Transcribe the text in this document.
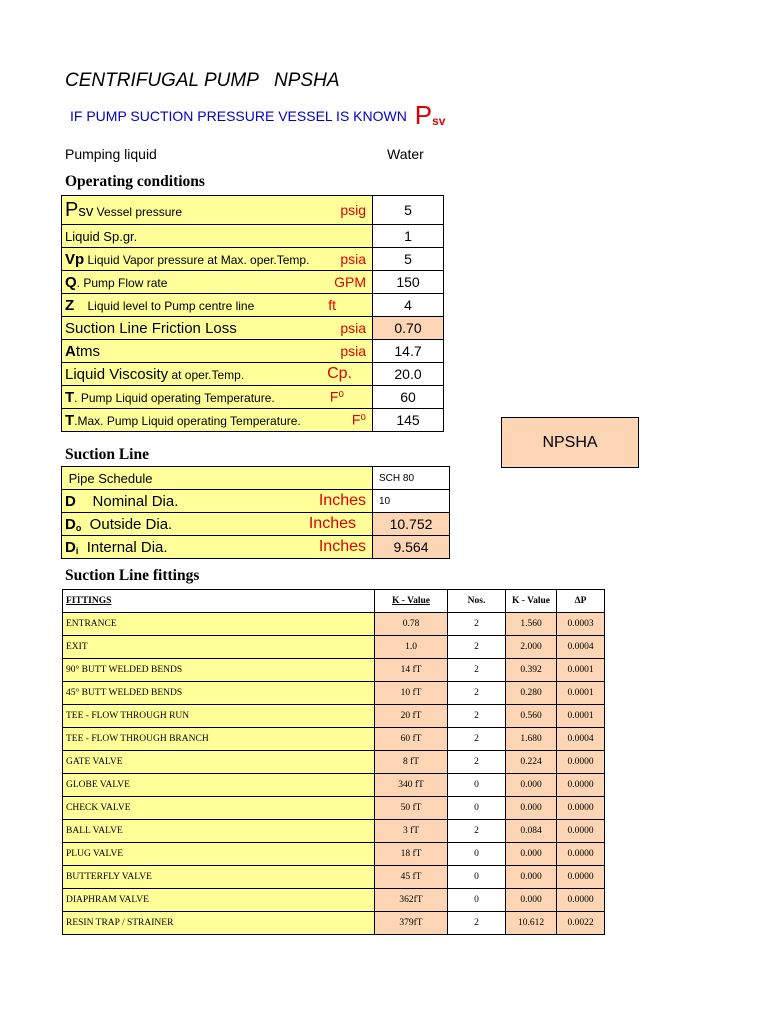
CENTRIFUGAL PUMP   NPSHA
IF PUMP SUCTION PRESSURE VESSEL IS KNOWN Psv
Pumping liquid	Water
Operating conditions
Psv Vessel pressure psig	5
Liquid Sp.gr.	1
Vp Liquid Vapor pressure at Max. oper.Temp. psia	5
Q. Pump Flow rate GPM	150
Z    Liquid level to Pump centre line ft	4
Suction Line Friction Loss psia	0.70
Atms psia	14.7
Liquid Viscosity at oper.Temp. Cp.	20.0
T. Pump Liquid operating Temperature. F⁰	60
T.Max. Pump Liquid operating Temperature. F⁰	145
NPSHA
Suction Line
Pipe Schedule	SCH 80
D    Nominal Dia. Inches	10
$D_o$  Outside Dia. Inches	10.752
$D_i$  Internal Dia. Inches	9.564
Suction Line fittings
FITTINGS	K - Value	Nos.	K - Value	ΔP
ENTRANCE	0.78	2	1.560	0.0003
EXIT	1.0	2	2.000	0.0004
90° BUTT WELDED BENDS	14 fT	2	0.392	0.0001
45° BUTT WELDED BENDS	10 fT	2	0.280	0.0001
TEE - FLOW THROUGH RUN	20 fT	2	0.560	0.0001
TEE - FLOW THROUGH BRANCH	60 fT	2	1.680	0.0004
GATE VALVE	8 fT	2	0.224	0.0000
GLOBE VALVE	340 fT	0	0.000	0.0000
CHECK VALVE	50 fT	0	0.000	0.0000
BALL VALVE	3 fT	2	0.084	0.0000
PLUG VALVE	18 fT	0	0.000	0.0000
BUTTERFLY VALVE	45 fT	0	0.000	0.0000
DIAPHRAM VALVE	362fT	0	0.000	0.0000
RESIN TRAP / STRAINER	379fT	2	10.612	0.0022
